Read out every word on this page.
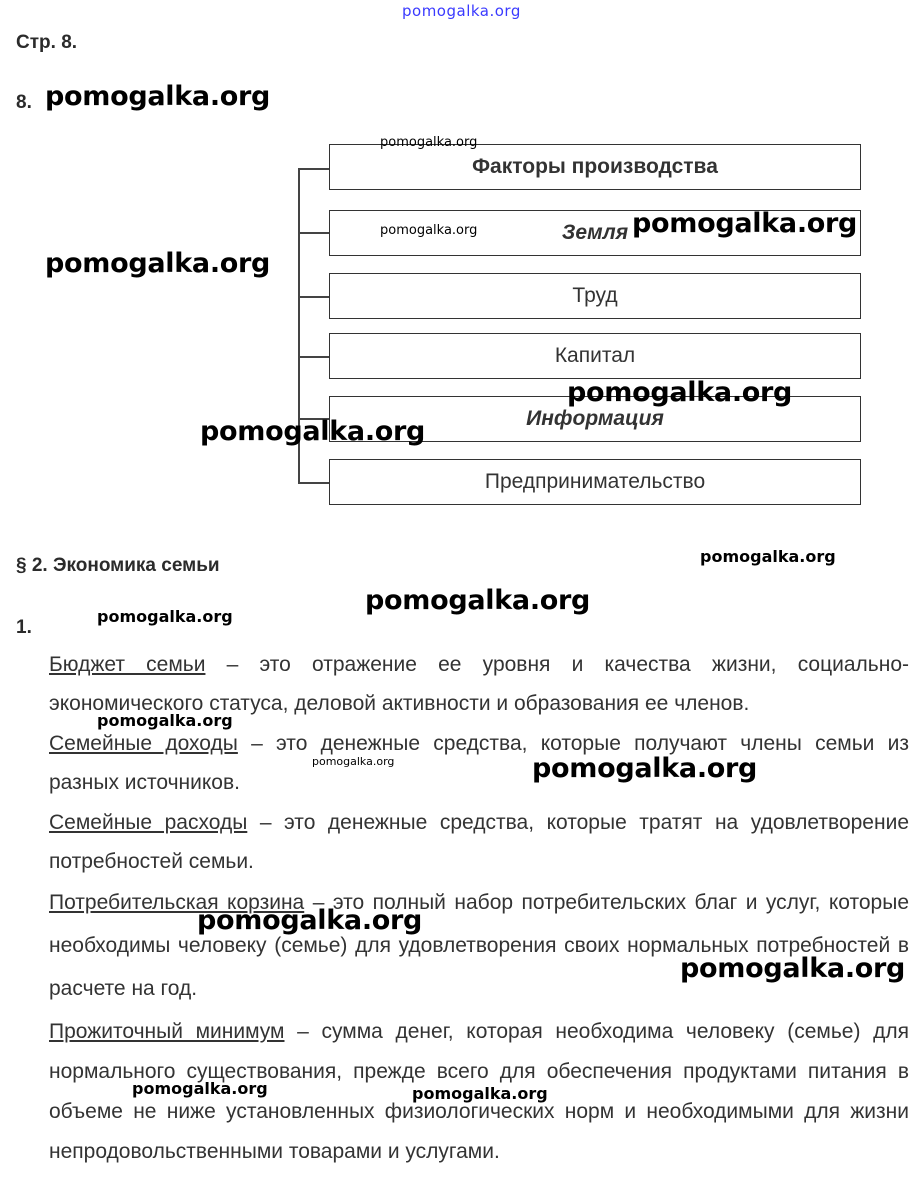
pomogalka.org
Стр. 8.
8. pomogalka.org
pomogalka.org
Факторы производства
Земля
Труд
Капитал
Информация
Предпринимательство
pomogalka.org
pomogalka.org	pomogalka.org
pomogalka.org
pomogalka.org
§ 2. Экономика семьи	pomogalka.org
pomogalka.org
1.
pomogalka.org
Бюджет семьи – это отражение ее уровня и качества жизни, социально-экономического статуса, деловой активности и образования ее членов.
Семейные доходы – это денежные средства, которые получают члены семьи из разных источников.
Семейные расходы – это денежные средства, которые тратят на удовлетворение потребностей семьи.
Потребительская корзина – это полный набор потребительских благ и услуг, которые необходимы человеку (семье) для удовлетворения своих нормальных потребностей в расчете на год.
Прожиточный минимум – сумма денег, которая необходима человеку (семье) для нормального существования, прежде всего для обеспечения продуктами питания в объеме не ниже установленных физиологических норм и необходимыми для жизни непродовольственными товарами и услугами.
pomogalka.org
pomogalka.org	pomogalka.org
pomogalka.org
pomogalka.org
pomogalka.org	pomogalka.org
